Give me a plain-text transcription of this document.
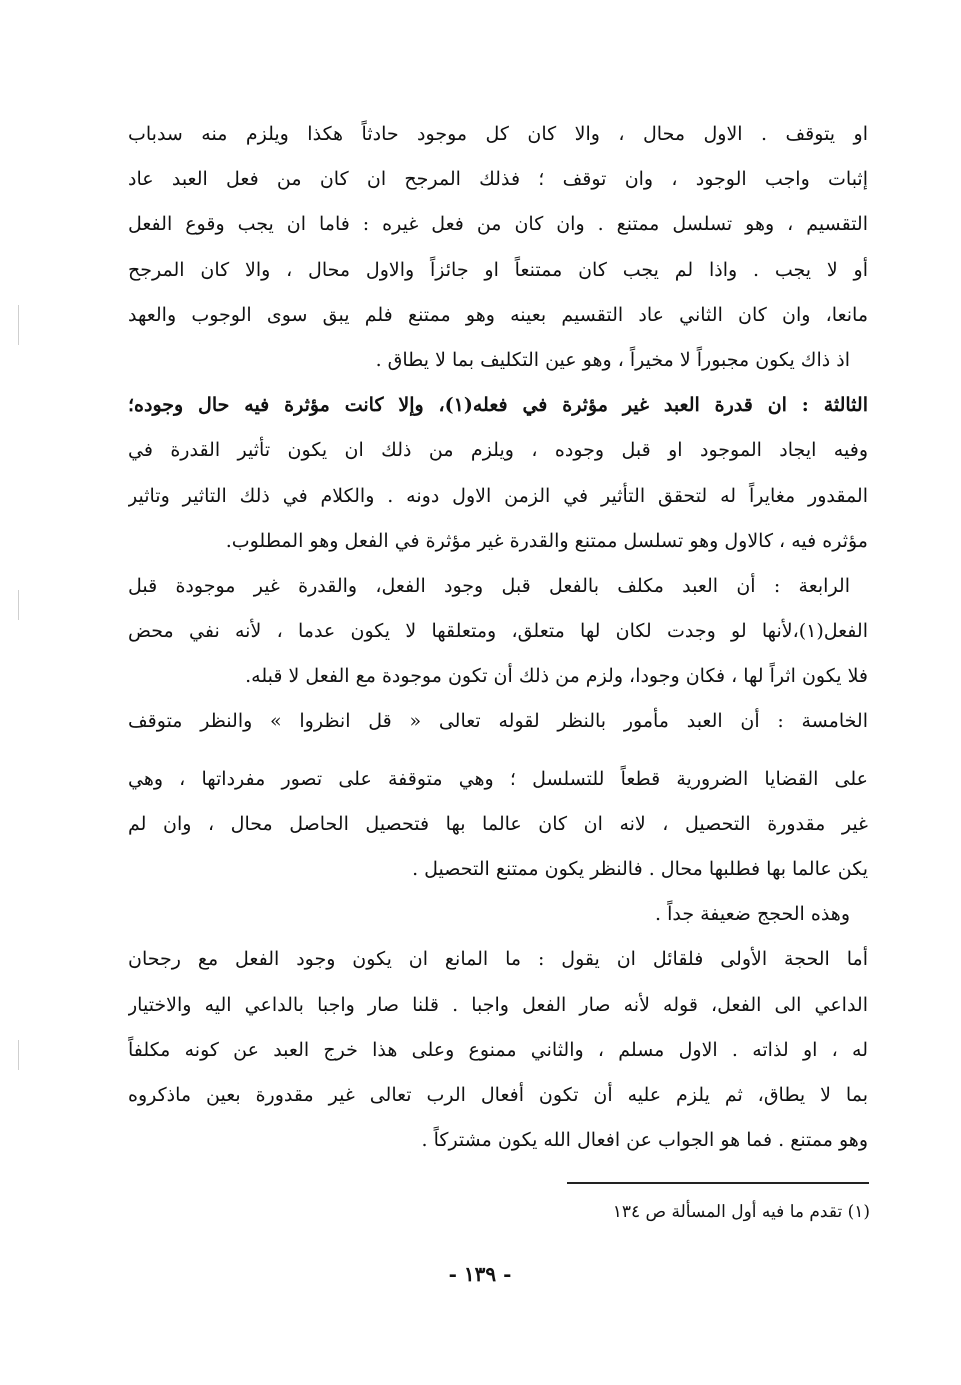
او يتوقف . الاول محال ، والا كان كل موجود حادثاً هكذا ويلزم منه سدباب
إثبات واجب الوجود ، وان توقف ؛ فذلك المرجح ان كان من فعل العبد عاد
التقسيم ، وهو تسلسل ممتنع . وان كان من فعل غيره : فاما ان يجب وقوع الفعل
أو لا يجب . واذا لم يجب كان ممتنعاً او جائزاً والاول محال ، والا كان المرجح
مانعا، وان كان الثاني عاد التقسيم بعينه وهو ممتنع فلم يبق سوى الوجوب والعهد
اذ ذاك يكون مجبوراً لا مخيراً ، وهو عين التكليف بما لا يطاق .
الثالثة : ان قدرة العبد غير مؤثرة في فعله(١)، وإلا كانت مؤثرة فيه حال وجوده؛
وفيه ايجاد الموجود او قبل وجوده ، ويلزم من ذلك ان يكون تأثير القدرة في
المقدور مغايراً له لتحقق التأثير في الزمن الاول دونه . والكلام في ذلك التاثير وتاثير
مؤثره فيه ، كالاول وهو تسلسل ممتنع والقدرة غير مؤثرة في الفعل وهو المطلوب.
الرابعة : أن العبد مكلف بالفعل قبل وجود الفعل، والقدرة غير موجودة قبل
الفعل(١)،لأنها لو وجدت لكان لها متعلق، ومتعلقها لا يكون عدما ، لأنه نفي محض
فلا يكون اثراً لها ، فكان وجودا، ولزم من ذلك أن تكون موجودة مع الفعل لا قبله.
الخامسة : أن العبد مأمور بالنظر لقوله تعالى « قل انظروا » والنظر متوقف
على القضايا الضرورية قطعاً للتسلسل ؛ وهي متوقفة على تصور مفرداتها ، وهي
غير مقدورة التحصيل ، لانه ان كان عالما بها فتحصيل الحاصل محال ، وان لم
يكن عالما بها فطلبها محال . فالنظر يكون ممتنع التحصيل .
وهذه الحجج ضعيفة جداً .
أما الحجة الأولى فلقائل ان يقول : ما المانع ان يكون وجود الفعل مع رجحان
الداعي الى الفعل، قوله لأنه صار الفعل واجبا . قلنا صار واجبا بالداعي اليه والاختيار
له ، او لذاته . الاول مسلم ، والثاني ممنوع وعلى هذا خرج العبد عن كونه مكلفاً
بما لا يطاق، ثم يلزم عليه أن تكون أفعال الرب تعالى غير مقدورة بعين ماذكروه
وهو ممتنع . فما هو الجواب عن افعال الله يكون مشتركاً .
(١) تقدم ما فيه أول المسألة ص ١٣٤
- ١٣٩ -
